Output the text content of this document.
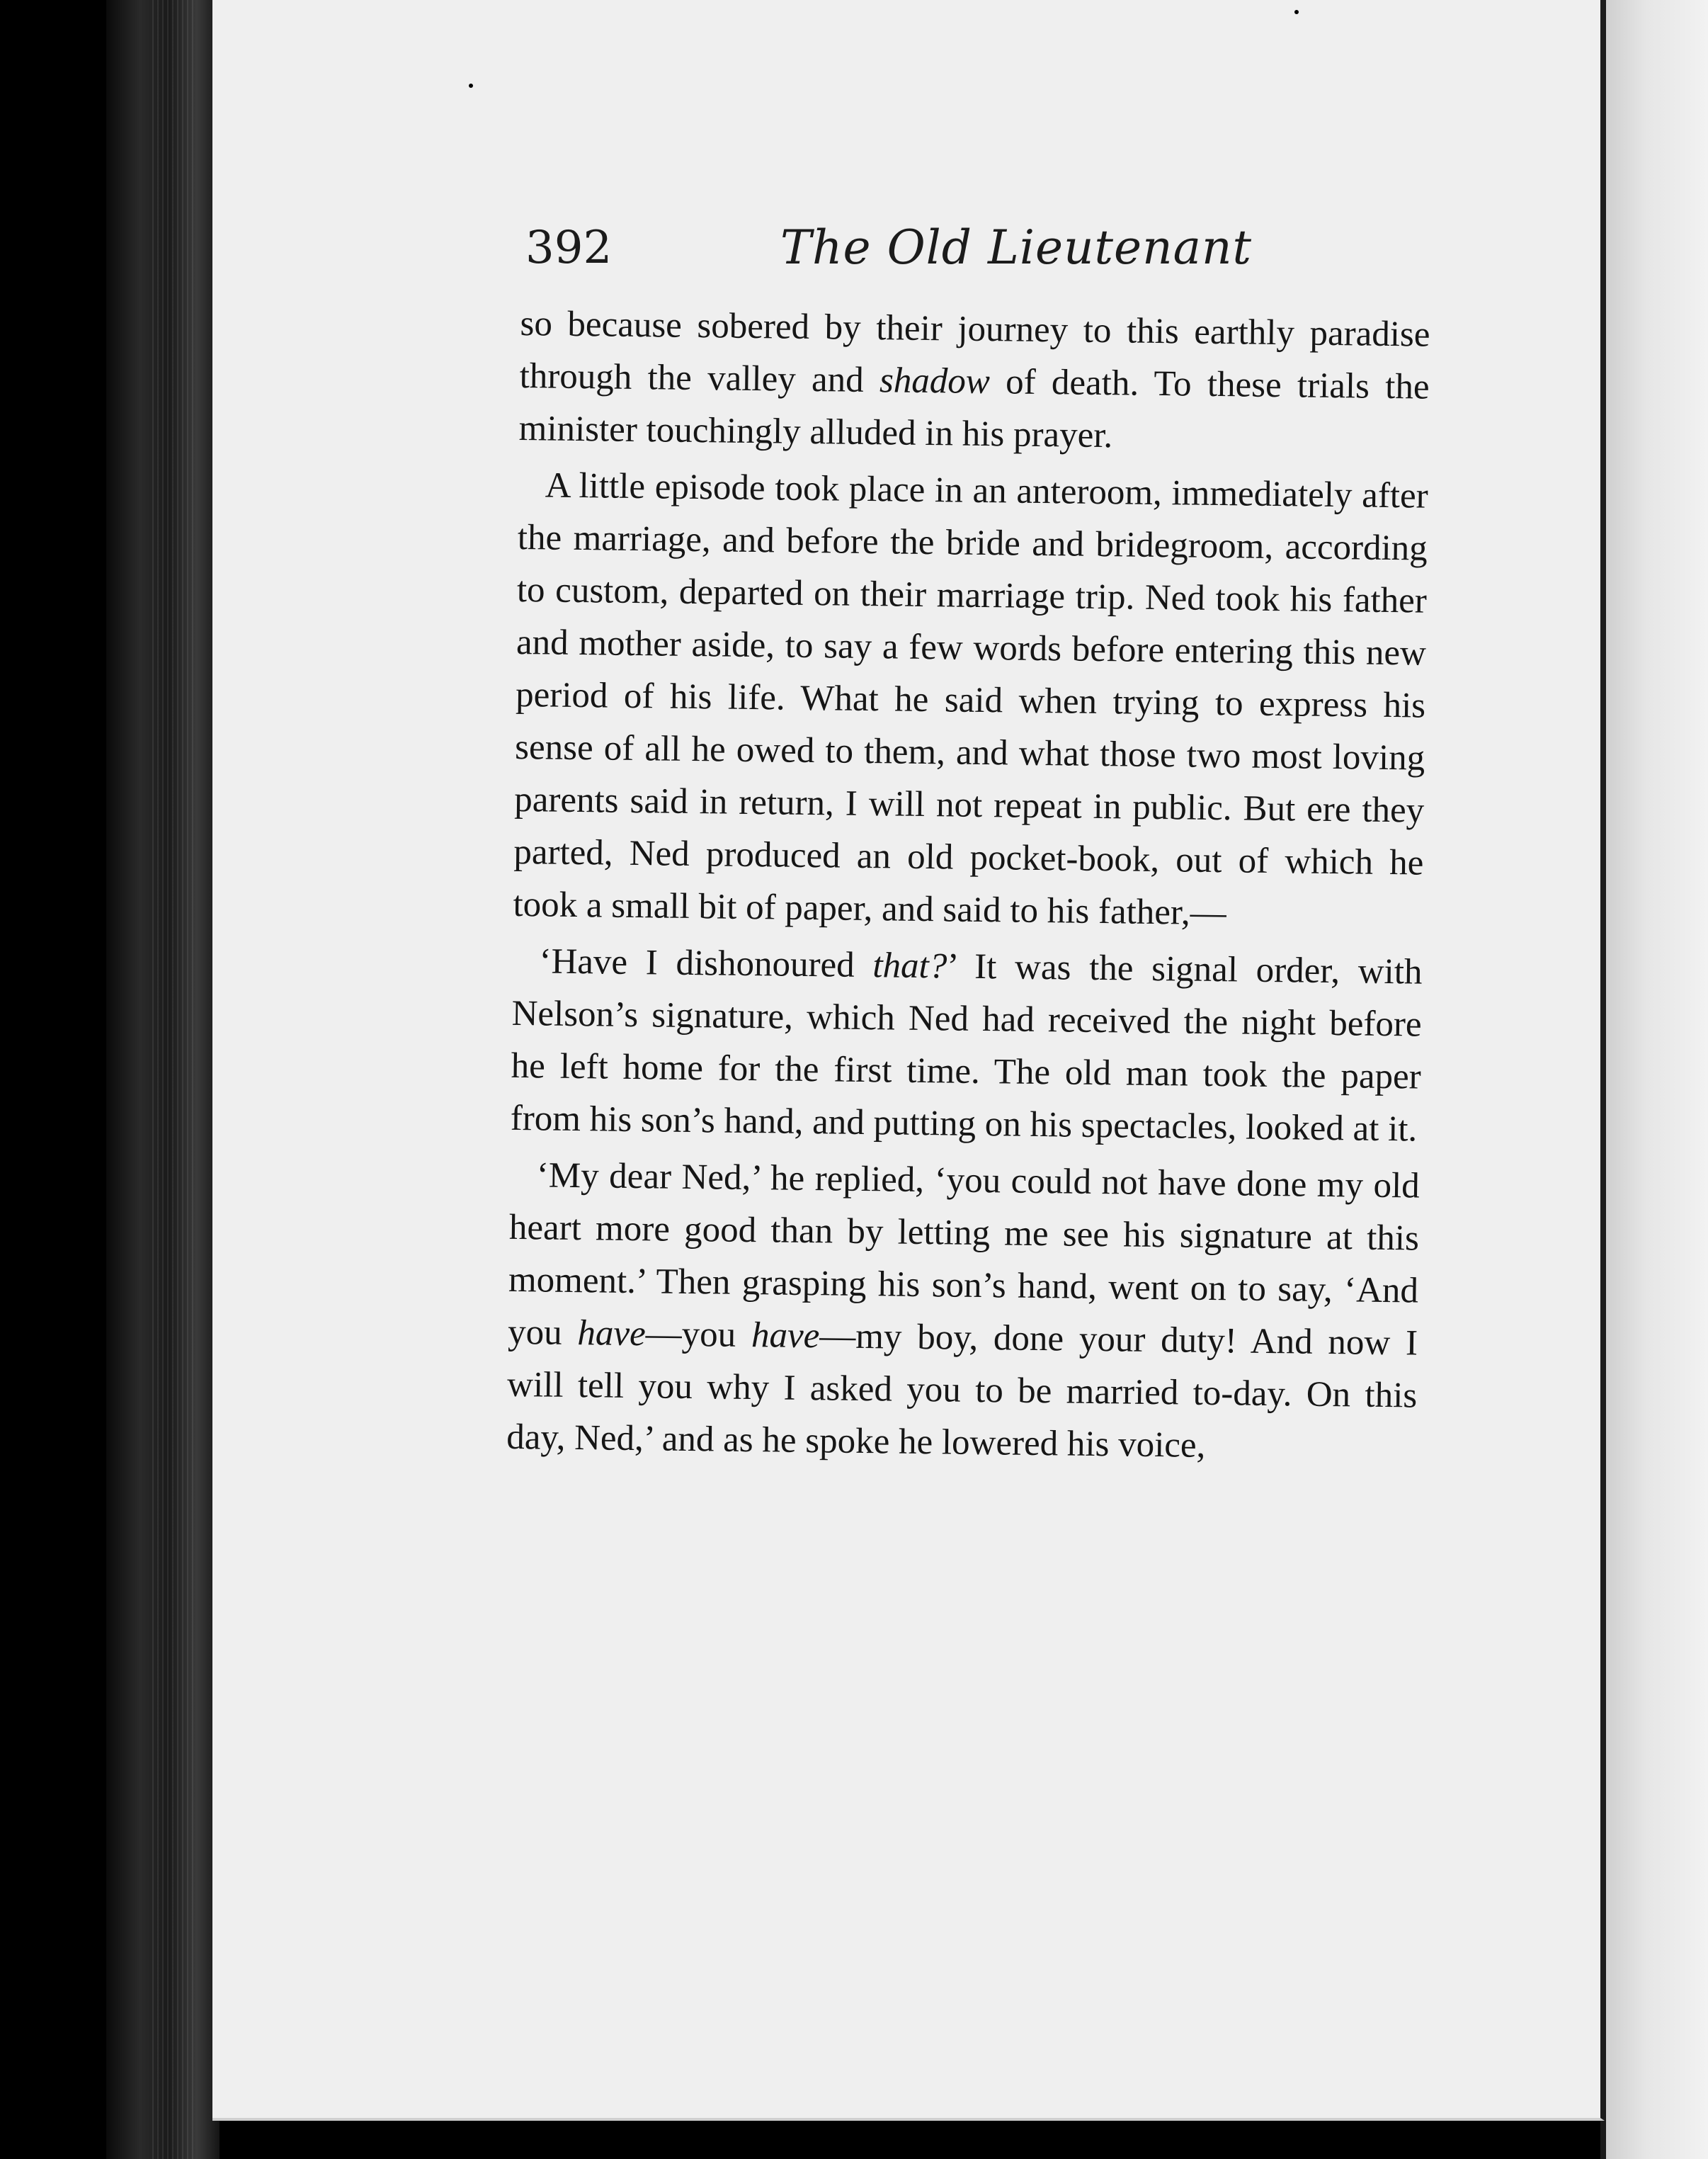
392	The Old Lieutenant

so because sobered by their journey to this earthly paradise through the valley and shadow of death. To these trials the minister touchingly alluded in his prayer.

A little episode took place in an anteroom, immediately after the marriage, and before the bride and bridegroom, according to custom, departed on their marriage trip. Ned took his father and mother aside, to say a few words before entering this new period of his life. What he said when trying to express his sense of all he owed to them, and what those two most loving parents said in return, I will not repeat in public. But ere they parted, Ned produced an old pocket-book, out of which he took a small bit of paper, and said to his father,—

‘Have I dishonoured that?’ It was the signal order, with Nelson’s signature, which Ned had received the night before he left home for the first time. The old man took the paper from his son’s hand, and putting on his spectacles, looked at it.

‘My dear Ned,’ he replied, ‘you could not have done my old heart more good than by letting me see his signature at this moment.’ Then grasping his son’s hand, went on to say, ‘And you have—you have—my boy, done your duty! And now I will tell you why I asked you to be married to-day. On this day, Ned,’ and as he spoke he lowered his voice,
